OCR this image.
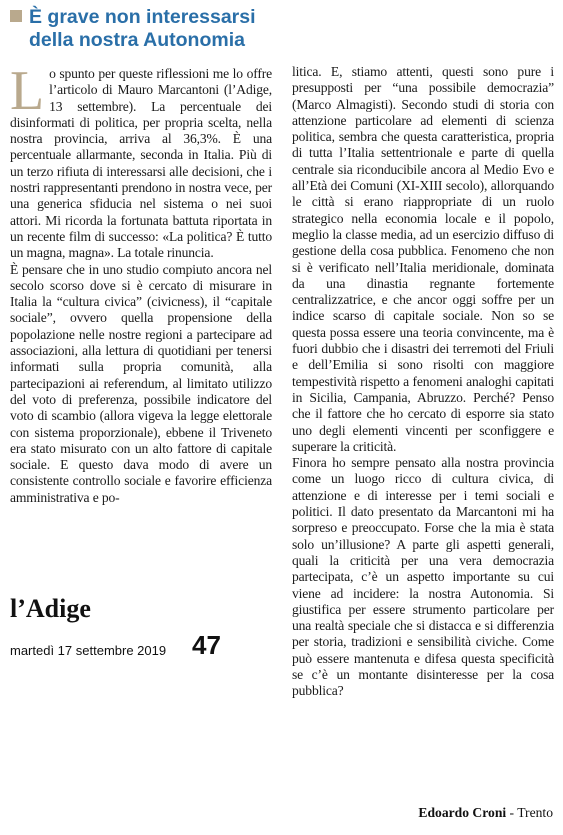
È grave non interessarsi
della nostra Autonomia

Lo spunto per queste riflessioni me lo offre l’articolo di Mauro Marcantoni (l’Adige, 13 settembre). La percentuale dei disinformati di politica, per propria scelta, nella nostra provincia, arriva al 36,3%. È una percentuale allarmante, seconda in Italia. Più di un terzo rifiuta di interessarsi alle decisioni, che i nostri rappresentanti prendono in nostra vece, per una generica sfiducia nel sistema o nei suoi attori. Mi ricorda la fortunata battuta riportata in un recente film di successo: «La politica? È tutto un magna, magna». La totale rinuncia.

È pensare che in uno studio compiuto ancora nel secolo scorso dove si è cercato di misurare in Italia la “cultura civica” (civicness), il “capitale sociale”, ovvero quella propensione della popolazione nelle nostre regioni a partecipare ad associazioni, alla lettura di quotidiani per tenersi informati sulla propria comunità, alla partecipazioni ai referendum, al limitato utilizzo del voto di preferenza, possibile indicatore del voto di scambio (allora vigeva la legge elettorale con sistema proporzionale), ebbene il Triveneto era stato misurato con un alto fattore di capitale sociale. E questo dava modo di avere un consistente controllo sociale e favorire efficienza amministrativa e po-

litica. E, stiamo attenti, questi sono pure i presupposti per “una possibile democrazia” (Marco Almagisti). Secondo studi di storia con attenzione particolare ad elementi di scienza politica, sembra che questa caratteristica, propria di tutta l’Italia settentrionale e parte di quella centrale sia riconducibile ancora al Medio Evo e all’Età dei Comuni (XI-XIII secolo), allorquando le città si erano riappropriate di un ruolo strategico nella economia locale e il popolo, meglio la classe media, ad un esercizio diffuso di gestione della cosa pubblica. Fenomeno che non si è verificato nell’Italia meridionale, dominata da una dinastia regnante fortemente centralizzatrice, e che ancor oggi soffre per un indice scarso di capitale sociale. Non so se questa possa essere una teoria convincente, ma è fuori dubbio che i disastri dei terremoti del Friuli e dell’Emilia si sono risolti con maggiore tempestività rispetto a fenomeni analoghi capitati in Sicilia, Campania, Abruzzo. Perché? Penso che il fattore che ho cercato di esporre sia stato uno degli elementi vincenti per sconfiggere e superare la criticità.

Finora ho sempre pensato alla nostra provincia come un luogo ricco di cultura civica, di attenzione e di interesse per i temi sociali e politici. Il dato presentato da Marcantoni mi ha sorpreso e preoccupato. Forse che la mia è stata solo un’illusione? A parte gli aspetti generali, quali la criticità per una vera democrazia partecipata, c’è un aspetto importante su cui viene ad incidere: la nostra Autonomia. Si giustifica per essere strumento particolare per una realtà speciale che si distacca e si differenzia per storia, tradizioni e sensibilità civiche. Come può essere mantenuta e difesa questa specificità se c’è un montante disinteresse per la cosa pubblica?

l’Adige
martedì 17 settembre 2019 47
Edoardo Croni - Trento
